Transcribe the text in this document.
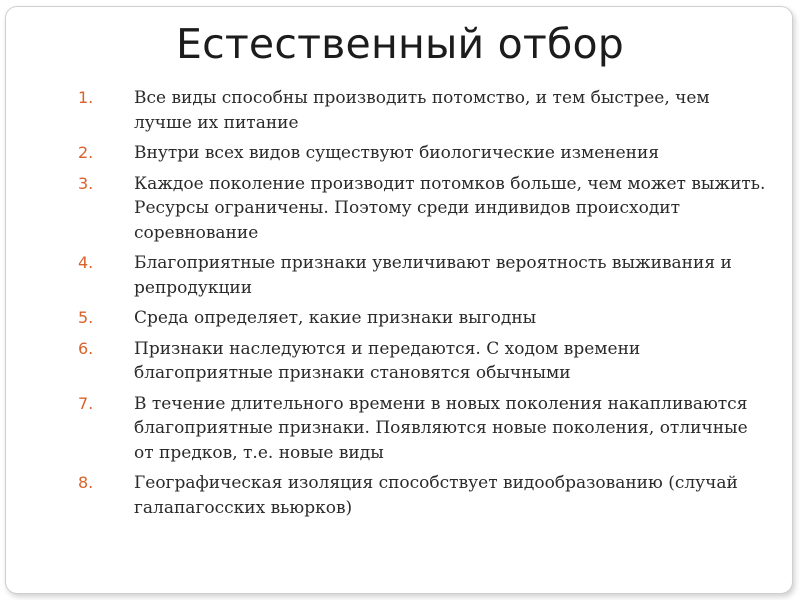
Естественный отбор
1. Все виды способны производить потомство, и тем быстрее, чем лучше их питание
2. Внутри всех видов существуют биологические изменения
3. Каждое поколение производит потомков больше, чем может выжить. Ресурсы ограничены. Поэтому среди индивидов происходит соревнование
4. Благоприятные признаки увеличивают вероятность выживания и репродукции
5. Среда определяет, какие признаки выгодны
6. Признаки наследуются и передаются. С ходом времени благоприятные признаки становятся обычными
7. В течение длительного времени в новых поколения накапливаются благоприятные признаки. Появляются новые поколения, отличные от предков, т.е. новые виды
8. Географическая изоляция способствует видообразованию (случай галапагосских вьюрков)
